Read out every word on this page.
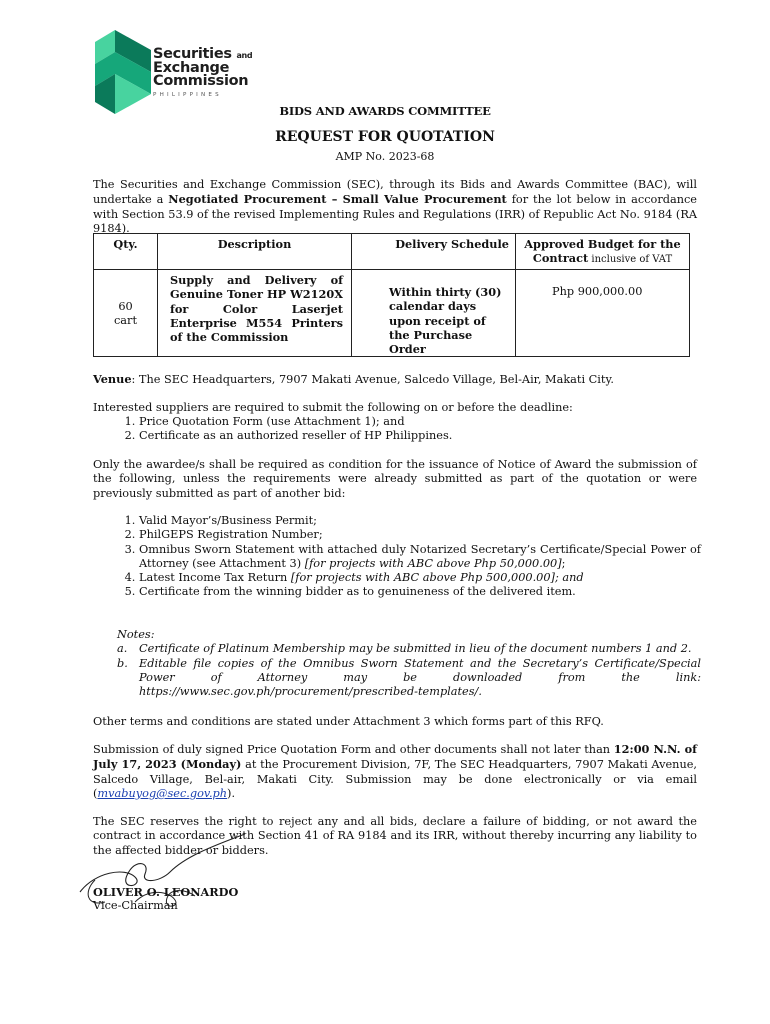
Securities and
Exchange
Commission
PHILIPPINES
BIDS AND AWARDS COMMITTEE
REQUEST FOR QUOTATION
AMP No. 2023-68
The Securities and Exchange Commission (SEC), through its Bids and Awards Committee (BAC), will undertake a Negotiated Procurement – Small Value Procurement for the lot below in accordance with Section 53.9 of the revised Implementing Rules and Regulations (IRR) of Republic Act No. 9184 (RA 9184).
Qty.	Description	Delivery Schedule	Approved Budget for the
Contract inclusive of VAT
60
cart	Supply and Delivery of Genuine Toner HP W2120X for Color Laserjet Enterprise M554 Printers of the Commission	Within thirty (30) calendar days upon receipt of the Purchase Order	Php 900,000.00
Venue: The SEC Headquarters, 7907 Makati Avenue, Salcedo Village, Bel-Air, Makati City.
Interested suppliers are required to submit the following on or before the deadline:
1. Price Quotation Form (use Attachment 1); and
2. Certificate as an authorized reseller of HP Philippines.
Only the awardee/s shall be required as condition for the issuance of Notice of Award the submission of the following, unless the requirements were already submitted as part of the quotation or were previously submitted as part of another bid:
1. Valid Mayor’s/Business Permit;
2. PhilGEPS Registration Number;
3. Omnibus Sworn Statement with attached duly Notarized Secretary’s Certificate/Special Power of Attorney (see Attachment 3) [for projects with ABC above Php 50,000.00];
4. Latest Income Tax Return [for projects with ABC above Php 500,000.00]; and
5. Certificate from the winning bidder as to genuineness of the delivered item.
Notes:
a.	Certificate of Platinum Membership may be submitted in lieu of the document numbers 1 and 2.
b. Editable file copies of the Omnibus Sworn Statement and the Secretary’s Certificate/Special Power of Attorney may be downloaded from the link: https://www.sec.gov.ph/procurement/prescribed-templates/.
Other terms and conditions are stated under Attachment 3 which forms part of this RFQ.
Submission of duly signed Price Quotation Form and other documents shall not later than 12:00 N.N. of July 17, 2023 (Monday) at the Procurement Division, 7F, The SEC Headquarters, 7907 Makati Avenue, Salcedo Village, Bel-air, Makati City. Submission may be done electronically or via email (mvabuyog@sec.gov.ph).
The SEC reserves the right to reject any and all bids, declare a failure of bidding, or not award the contract in accordance with Section 41 of RA 9184 and its IRR, without thereby incurring any liability to the affected bidder or bidders.
OLIVER O. LEONARDO
Vice-Chairman
